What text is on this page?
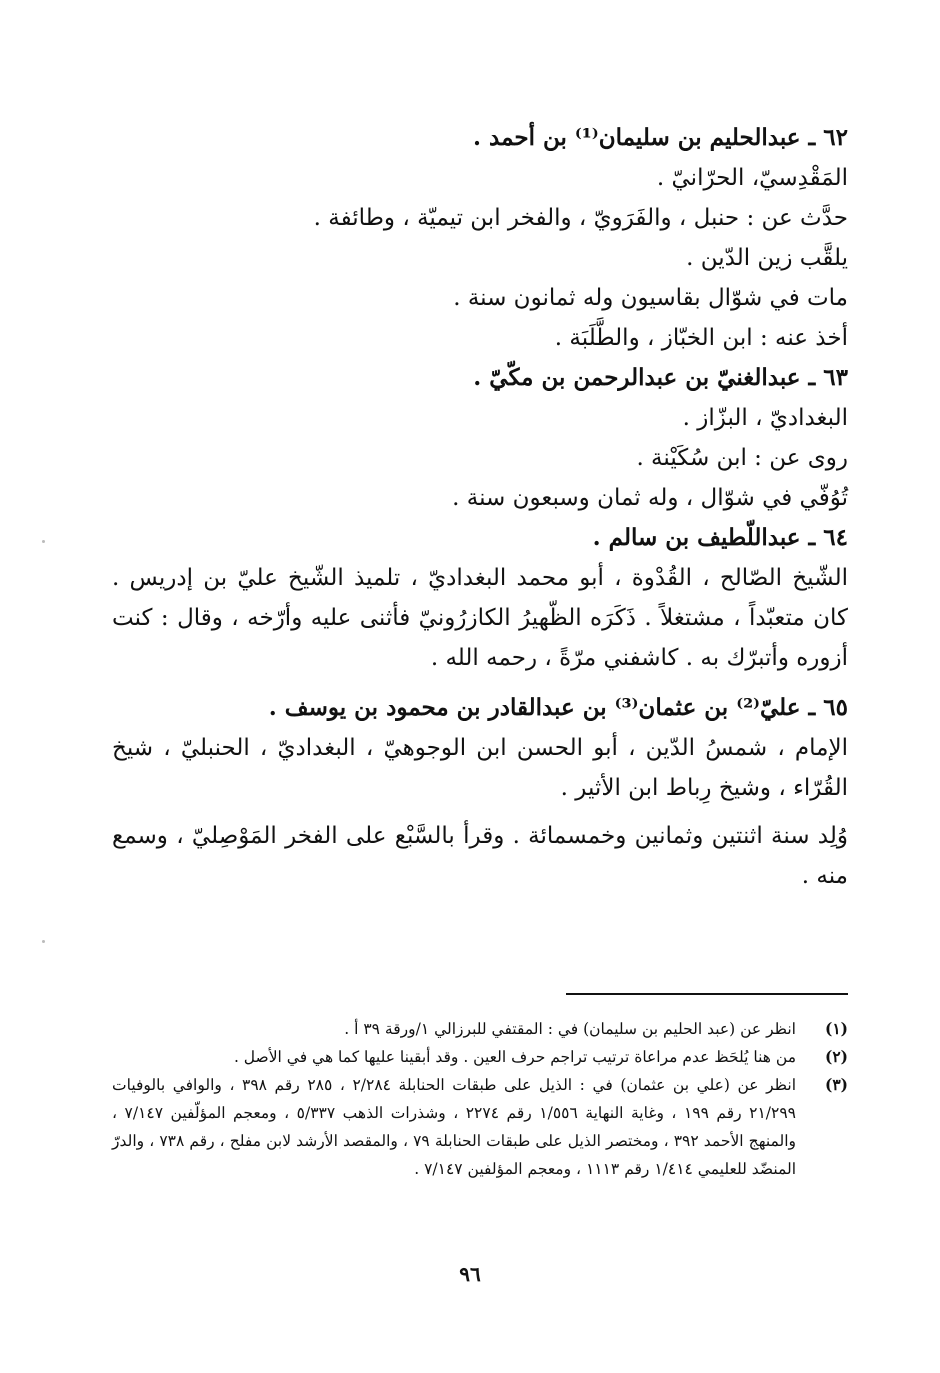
٦٢ ـ عبدالحليم بن سليمان⁽¹⁾ بن أحمد .

المَقْدِسيّ، الحرّانيّ .

حدَّث عن : حنبل ، والفَرَويّ ، والفخر ابن تيميّة ، وطائفة .

يلقَّب زين الدّين .

مات في شوّال بقاسيون وله ثمانون سنة .

أخذ عنه : ابن الخبّاز ، والطَّلَبَة .

٦٣ ـ عبدالغنيّ بن عبدالرحمن بن مكّيّ .

البغداديّ ، البزّاز .

روى عن : ابن سُكَيْنة .

تُوُفّي في شوّال ، وله ثمان وسبعون سنة .

٦٤ ـ عبداللّطيف بن سالم .

الشّيخ الصّالح ، القُدْوة ، أبو محمد البغداديّ ، تلميذ الشّيخ عليّ بن إدريس . كان متعبّداً ، مشتغلاً . ذَكَرَه الظّهيرُ الكازرُونيّ فأثنى عليه وأرّخه ، وقال : كنت أزوره وأتبرّك به . كاشفني مرّةً ، رحمه الله .

٦٥ ـ عليّ⁽²⁾ بن عثمان⁽³⁾ بن عبدالقادر بن محمود بن يوسف .

الإمام ، شمسُ الدّين ، أبو الحسن ابن الوجوهيّ ، البغداديّ ، الحنبليّ ، شيخ القُرّاء ، وشيخ رِباط ابن الأثير .

وُلِد سنة اثنتين وثمانين وخمسمائة . وقرأ بالسَّبْع على الفخر المَوْصِليّ ، وسمع منه .

(١)
انظر عن (عبد الحليم بن سليمان) في : المقتفي للبرزالي ١/ورقة ٣٩ أ .
(٢)
من هنا يُلحَظ عدم مراعاة ترتيب تراجم حرف العين . وقد أبقينا عليها كما هي في الأصل .
(٣)
انظر عن (علي بن عثمان) في : الذيل على طبقات الحنابلة ٢/٢٨٤ ، ٢٨٥ رقم ٣٩٨ ، والوافي بالوفيات ٢١/٢٩٩ رقم ١٩٩ ، وغاية النهاية ١/٥٥٦ رقم ٢٢٧٤ ، وشذرات الذهب ٥/٣٣٧ ، ومعجم المؤلّفين ٧/١٤٧ ، والمنهج الأحمد ٣٩٢ ، ومختصر الذيل على طبقات الحنابلة ٧٩ ، والمقصد الأرشد لابن مفلح ، رقم ٧٣٨ ، والدرّ المنضّد للعليمي ١/٤١٤ رقم ١١١٣ ، ومعجم المؤلفين ٧/١٤٧ .
٩٦
